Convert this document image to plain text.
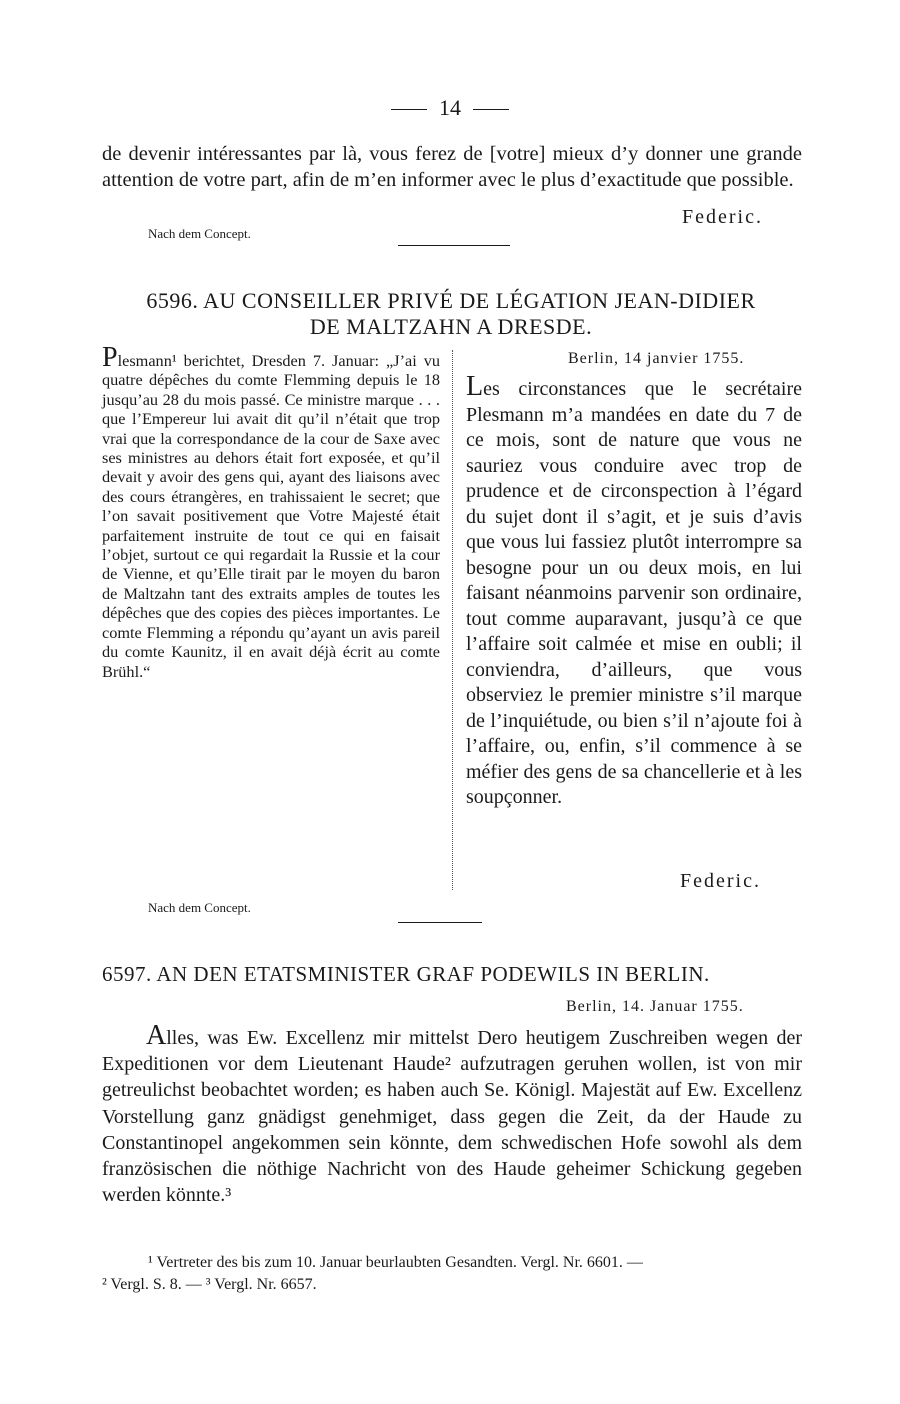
14
de devenir intéressantes par là, vous ferez de [votre] mieux d’y donner une grande attention de votre part, afin de m’en informer avec le plus d’exactitude que possible.
Federic.
Nach dem Concept.
6596. AU CONSEILLER PRIVÉ DE LÉGATION JEAN-DIDIER
DE MALTZAHN A DRESDE.
Plesmann¹ berichtet, Dresden 7. Januar: „J’ai vu quatre dépêches du comte Flemming depuis le 18 jusqu’au 28 du mois passé. Ce ministre marque . . . que l’Empereur lui avait dit qu’il n’était que trop vrai que la correspondance de la cour de Saxe avec ses ministres au dehors était fort exposée, et qu’il devait y avoir des gens qui, ayant des liaisons avec des cours étrangères, en trahissaient le secret; que l’on savait positivement que Votre Majesté était parfaitement instruite de tout ce qui en faisait l’objet, surtout ce qui regardait la Russie et la cour de Vienne, et qu’Elle tirait par le moyen du baron de Maltzahn tant des extraits amples de toutes les dépêches que des copies des pièces importantes. Le comte Flemming a répondu qu’ayant un avis pareil du comte Kaunitz, il en avait déjà écrit au comte Brühl.“
Berlin, 14 janvier 1755.
Les circonstances que le secrétaire Plesmann m’a mandées en date du 7 de ce mois, sont de nature que vous ne sauriez vous conduire avec trop de prudence et de circonspection à l’égard du sujet dont il s’agit, et je suis d’avis que vous lui fassiez plutôt interrompre sa besogne pour un ou deux mois, en lui faisant néanmoins parvenir son ordinaire, tout comme auparavant, jusqu’à ce que l’affaire soit calmée et mise en oubli; il conviendra, d’ailleurs, que vous observiez le premier ministre s’il marque de l’inquiétude, ou bien s’il n’ajoute foi à l’affaire, ou, enfin, s’il commence à se méfier des gens de sa chancellerie et à les soupçonner.
Federic.
Nach dem Concept.
6597. AN DEN ETATSMINISTER GRAF PODEWILS IN BERLIN.
Berlin, 14. Januar 1755.
Alles, was Ew. Excellenz mir mittelst Dero heutigem Zuschreiben wegen der Expeditionen vor dem Lieutenant Haude² aufzutragen geruhen wollen, ist von mir getreulichst beobachtet worden; es haben auch Se. Königl. Majestät auf Ew. Excellenz Vorstellung ganz gnädigst genehmiget, dass gegen die Zeit, da der Haude zu Constantinopel angekommen sein könnte, dem schwedischen Hofe sowohl als dem französischen die nöthige Nachricht von des Haude geheimer Schickung gegeben werden könnte.³
¹ Vertreter des bis zum 10. Januar beurlaubten Gesandten. Vergl. Nr. 6601. —
² Vergl. S. 8. — ³ Vergl. Nr. 6657.
